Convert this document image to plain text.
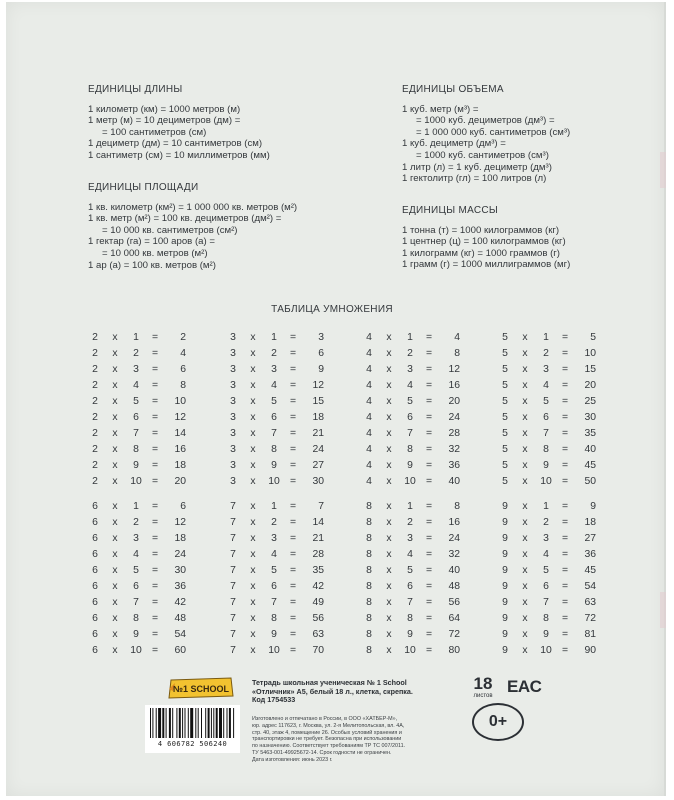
ЕДИНИЦЫ ДЛИНЫ
1 километр (км) = 1000 метров (м)
1 метр (м) = 10 дециметров (дм) =
= 100 сантиметров (см)
1 дециметр (дм) = 10 сантиметров (см)
1 сантиметр (см) = 10 миллиметров (мм)
ЕДИНИЦЫ ПЛОЩАДИ
1 кв. километр (км²) = 1 000 000 кв. метров (м²)
1 кв. метр (м²) = 100 кв. дециметров (дм²) =
= 10 000 кв. сантиметров (см²)
1 гектар (га) = 100 аров (а) =
= 10 000 кв. метров (м²)
1 ар (а) = 100 кв. метров (м²)
ЕДИНИЦЫ ОБЪЕМА
1 куб. метр (м³) =
= 1000 куб. дециметров (дм³) =
= 1 000 000 куб. сантиметров (см³)
1 куб. дециметр (дм³) =
= 1000 куб. сантиметров (см³)
1 литр (л) = 1 куб. дециметр (дм³)
1 гектолитр (гл) = 100 литров (л)
ЕДИНИЦЫ МАССЫ
1 тонна (т) = 1000 килограммов (кг)
1 центнер (ц) = 100 килограммов (кг)
1 килограмм (кг) = 1000 граммов (г)
1 грамм (г) = 1000 миллиграммов (мг)
ТАБЛИЦА УМНОЖЕНИЯ
2 x	1	=	2
2 x	2	=	4
2 x	3	=	6
2 x	4	=	8
2 x	5	=	10
2 x	6	=	12
2 x	7	=	14
2 x	8	=	16
2 x	9	=	18
2 x 10 =	20
3 x	1	=	3
3 x	2	=	6
3 x	3	=	9
3 x	4	=	12
3 x	5	=	15
3 x	6	=	18
3 x	7	=	21
3 x	8	=	24
3 x	9	=	27
3 x 10 =	30
4 x	1	=	4
4 x	2	=	8
4 x	3	=	12
4 x	4	=	16
4 x	5	=	20
4 x	6	=	24
4 x	7	=	28
4 x	8	=	32
4 x	9	=	36
4 x 10 =	40
5 x	1	=	5
5 x	2	=	10
5 x	3	=	15
5 x	4	=	20
5 x	5	=	25
5 x	6	=	30
5 x	7	=	35
5 x	8	=	40
5 x	9	=	45
5 x 10 =	50
6 x	1	=	6
6 x	2	=	12
6 x	3	=	18
6 x	4	=	24
6 x	5	=	30
6 x	6	=	36
6 x	7	=	42
6 x	8	=	48
6 x	9	=	54
6 x 10 =	60
7 x	1	=	7
7 x	2	=	14
7 x	3	=	21
7 x	4	=	28
7 x	5	=	35
7 x	6	=	42
7 x	7	=	49
7 x	8	=	56
7 x	9	=	63
7 x 10 =	70
8 x	1	=	8
8 x	2	=	16
8 x	3	=	24
8 x	4	=	32
8 x	5	=	40
8 x	6	=	48
8 x	7	=	56
8 x	8	=	64
8 x	9	=	72
8 x 10 =	80
9 x	1	=	9
9 x	2	=	18
9 x	3	=	27
9 x	4	=	36
9 x	5	=	45
9 x	6	=	54
9 x	7	=	63
9 x	8	=	72
9 x	9	=	81
9 x 10 =	90
№1 SCHOOL
4 606782 506240
Тетрадь школьная ученическая № 1 School
«Отличник» А5, белый 18 л., клетка, скрепка.
Код 1754533
Изготовлено и отпечатано в России, в ООО «ХАТБЕР-М»,
юр. адрес 117623, г. Москва, ул. 2-я Мелитопольская, вл. 4А,
стр. 40, этаж 4, помещение 26. Особых условий хранения и
транспортировки не требует. Безопасна при использовании
по назначению. Соответствует требованиям ТР ТС 007/2011.
ТУ 5463-001-49925672-14. Срок годности не ограничен.
Дата изготовления: июнь 2023 г.
18
листов EAC
0+
